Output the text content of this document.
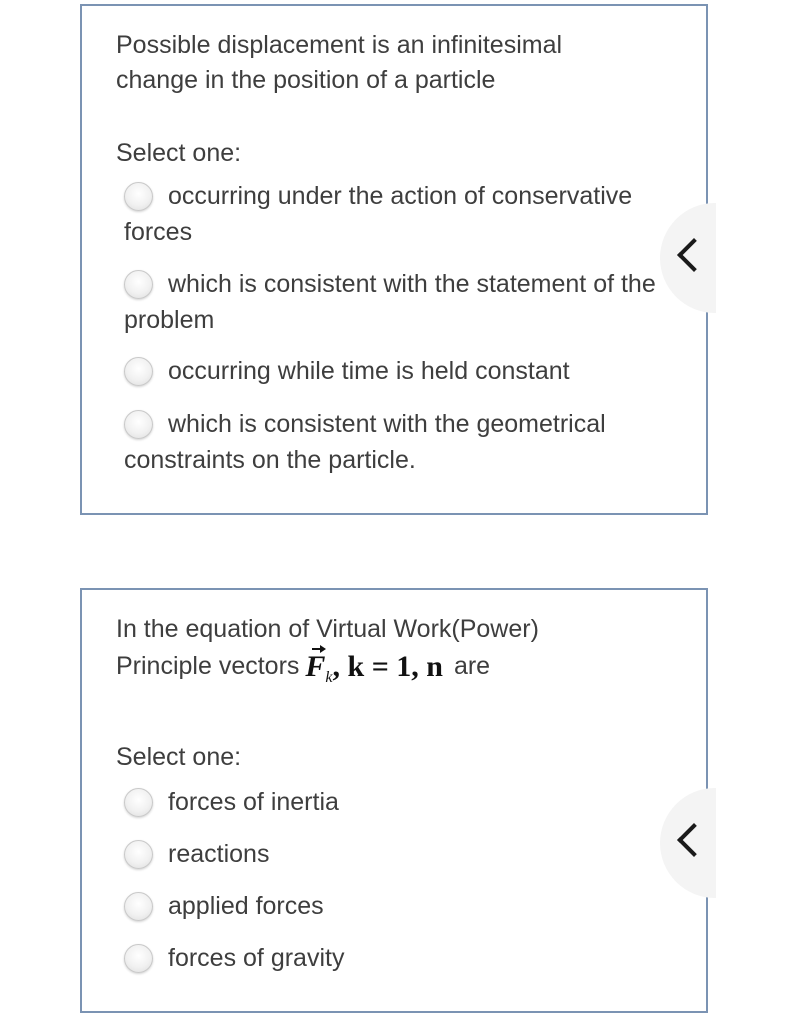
Possible displacement is an infinitesimal change in the position of a particle
Select one:
occurring under the action of conservative forces
which is consistent with the statement of the problem
occurring while time is held constant
which is consistent with the geometrical constraints on the particle.
In the equation of Virtual Work(Power) Principle vectors $F_k$, k = 1, n are
Select one:
forces of inertia
reactions
applied forces
forces of gravity
